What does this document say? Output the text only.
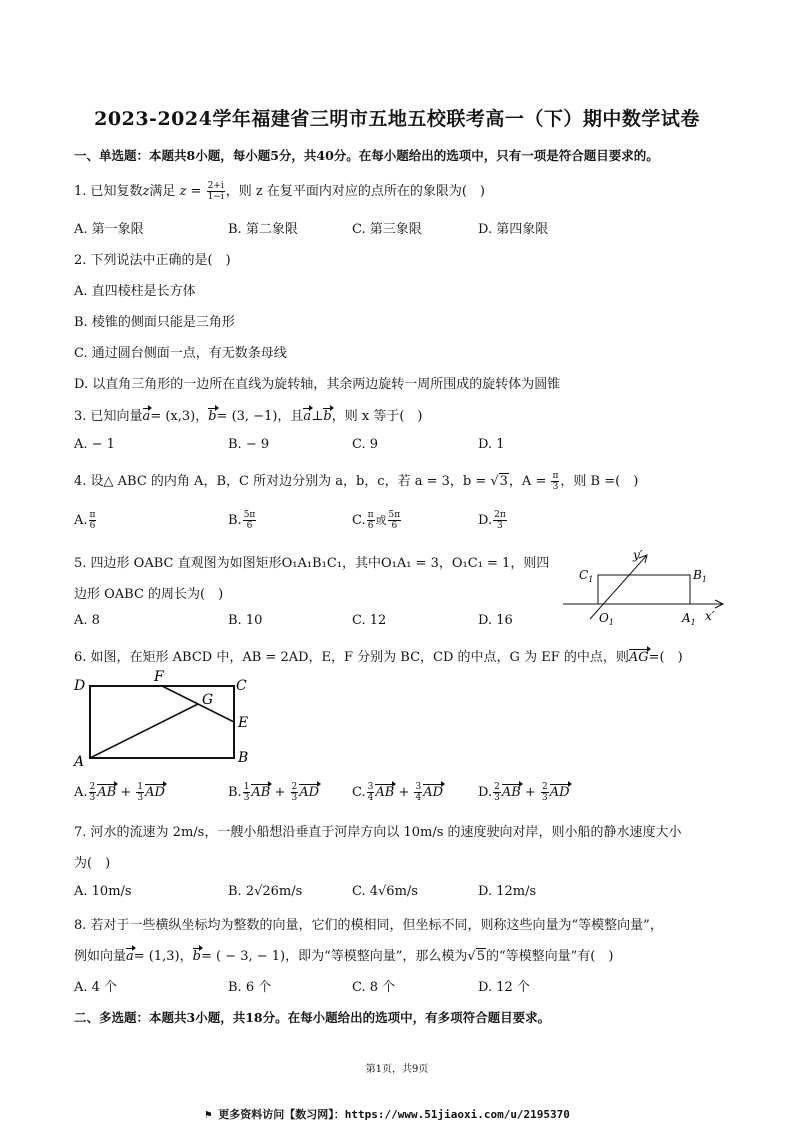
2023-2024学年福建省三明市五地五校联考高一（下）期中数学试卷
一、单选题：本题共8小题，每小题5分，共40分。在每小题给出的选项中，只有一项是符合题目要求的。
1. 已知复数z满足 $z = \frac{2+i}{1-i}$ ，则 z 在复平面内对应的点所在的象限为(　)
A. 第一象限	B. 第二象限	C. 第三象限	D. 第四象限
2. 下列说法中正确的是(　)
A. 直四棱柱是长方体
B. 棱锥的侧面只能是三角形
C. 通过圆台侧面一点，有无数条母线
D. 以直角三角形的一边所在直线为旋转轴，其余两边旋转一周所围成的旋转体为圆锥
3. 已知向量a= (x,3)，b= (3, −1)，且a⊥b，则 x 等于(　)
A. − 1	B. − 9	C. 9	D. 1
4. 设△ ABC 的内角 A，B，C 所对边分别为 a，b，c，若 a = 3，b = √3，$A = \frac{\pi}{3}$ ，则 B =(　)
A. $\frac{\pi}{6}$	B. $\frac{5\pi}{6}$	C. $\frac{\pi}{6}$ 或 $\frac{5\pi}{6}$	D. $\frac{2\pi}{3}$
5. 四边形 OABC 直观图为如图矩形O₁A₁B₁C₁，其中O₁A₁ = 3，O₁C₁ = 1，则四
边形 OABC 的周长为(　)
A. 8	B. 10	C. 12	D. 16
$C_1$	$B_1$
$O_1$	$A_1$ x′
y′
6. 如图，在矩形 ABCD 中，AB = 2AD，E，F 分别为 BC，CD 的中点，G 为 EF 的中点，则AG=(　)
D
F
C
G
E
A	B
A. $\frac{2}{3}$ AB + $\frac{1}{3}$ AD	B. $\frac{1}{3}$ AB + $\frac{2}{3}$ AD	C. $\frac{3}{4}$ AB + $\frac{3}{4}$ AD	D. $\frac{2}{3}$ AB + $\frac{2}{3}$ AD
7. 河水的流速为 2m/s，一艘小船想沿垂直于河岸方向以 10m/s 的速度驶向对岸，则小船的静水速度大小
为(　)
A. 10m/s	B. 2√26m/s	C. 4√6m/s	D. 12m/s
8. 若对于一些横纵坐标均为整数的向量，它们的模相同，但坐标不同，则称这些向量为“等模整向量”，
例如向量a= (1,3)，b= ( − 3, − 1)，即为“等模整向量”，那么模为√5的“等模整向量”有(　)
A. 4 个	B. 6 个	C. 8 个	D. 12 个
二、多选题：本题共3小题，共18分。在每小题给出的选项中，有多项符合题目要求。
第1页，共9页
⚑ 更多资料访问【数习网】：https://www.51jiaoxi.com/u/2195370
